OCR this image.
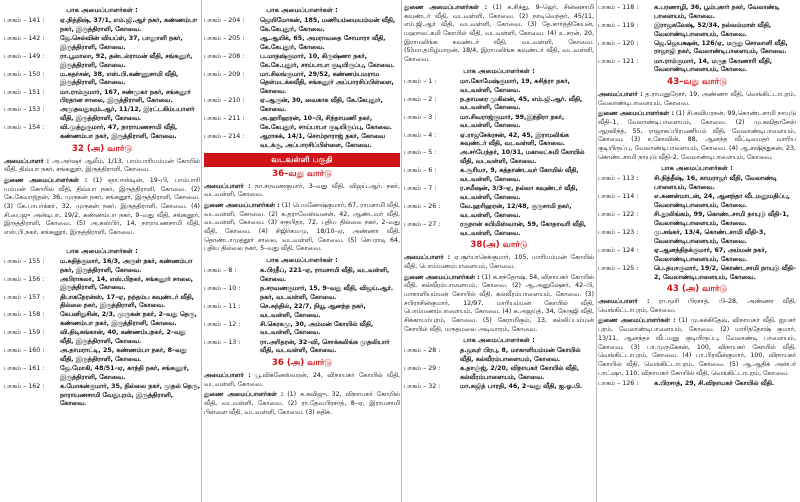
பாக அமைப்பாளர்கள் :
பாகம் – 141 :	ஏ.நித்திஷ், 37/1, எம்.ஜி.ஆர் நகர், கண்ணம்பா நகர், இருத்திராளி, கோவை.
பாகம் – 142 :	ஜே.செல்வின் வியப்ள், 37, பாலுாளி நகர், இருத்திராளி, கோவை.
பாகம் – 149 :	ரா.பூமாலா, 92, தன்டல்ராமன் வீதி, சங்கனூர், இருத்திராளி, கோவை.
பாகம் – 150 :	ம.சுதர்சன், 38, எஸ்.பி.கண்ணுசாமி வீதி, இருத்திராளி, கோவை.
பாகம் – 151 :	மா.ராம்குமார், 167, சண்முகா நகர், சங்கனூர் பிரதான சாலை, இருத்திராளி, கோவை.
பாகம் – 153 :	அமுதவதுவும்.ஆர், 11/12, இரட்டகிம்பபாளர் வீதி, இருத்திராளி, கோவை.
பாகம் – 154 :	வி.முத்துகுமார், 47, நாராயணசாமி வீதி, கண்ணம்பா நகர், இருத்திராளி, கோவை.
32 (அ) வார்டு
அமைப்பாளர் : அ.அர்ஷர் ஆலீம், 1/13, பாம்பாரியம்மன் கோயில் வீதி, திவ்யா நகர், சங்கனூர், இருத்திராளி, கோவை.
துணை அமைப்பாளர்கள் : (1) ஞா.ஈஸ்டின், 19–பி, பாம்பாரி யம்மன் கோயில் வீதி, திவ்யா நகர், இருத்திராளி, கோவை. (2) கே.கேவாஜ்தன், 36, முருகன் நகர், சங்கனூர், இருத்திராளி, கோவை. (3) கே.பாபர்க்கா், 32, முருகன் நகர், இருத்திராளி, கோவை. (4) சி.பைஜு அன்டிபா, 19/2, கண்ணம்பா நகர், 9–வது வீதி, சங்கனூர், இருத்திராளி, கோவை. (5) அ.சுஸ்பிர், 14, நாராயணசாமி வீதி, எஸ்.பி.நகர், சங்கனூர், இருத்திராளி, கோவை.
பாக அமைப்பாளர்கள் :
பாகம் – 155 :	ம.சுதித்குமார், 16/3, அருள் நகர், கண்ணம்பா நகர், இருத்திராளி, கோவை.
பாகம் – 156 :	அபிராகலா, 14, எஸ்.பிநகர், சங்கனூர் சாலை, இருத்திராளி, கோவை.
பாகம் – 157 :	திபாகநேரன்ஸ், 17–ஏ, நந்தம்ப கவுண்டர் வீதி, தில்லை நகர், இருத்திராளி, கோவை.
பாகம் – 158 :	கேபனிதுசின், 2/3, முருகன் நகர், 2–வது தெரு, கண்ணம்பா நகர், இருத்திராளி, கோவை.
பாகம் – 159 :	வி.திடிசுங்கான், 40, கண்ணம்பநகர், 2–வது வீதி, இருத்திராளி, கோவை.
பாகம் – 160 :	அ.தாமராட்டி, 25, கண்ணம்பா நகர், 8–வது வீதி, இருத்திராளி, கோவை.
பாகம் – 161 :	ஜே.மோகி, 48/51–ஏ, காந்தி நகர், சங்கனூர், இருத்திராளி, கோவை.
பாகம் – 162 :	க.மோகன்குமார், 35, தில்லை நகர், முதல் தெரு, நாராயணசாமி வேதுபுரம், இருத்திராளி, கோவை.
பாக அமைப்பாளர்கள் :
பாகம் – 204 :	ஜெயிமோகன், 185, மணியம்மையம்மன் வீதி, கே.கேபுதூர், கோவை.
பாகம் – 205 :	ஆ.ஆயிக், 65, அமராவதை சோமாரா வீதி, கே.கேபுதூர், கோவை.
பாகம் – 208 :	ப.மாதஷ்குமார், 10, கிருஷ்ணா நகர், கே.கே.புதூர், சாய்பாபா குடியிருப்பு, கோவை.
பாகம் – 209 :	மா.சிலங்குமார், 29/52, கண்ணம்பமராம தெள்மடக்கவீதி, சங்கனூர் அப்பாரசிப்பிள்ளை, கோவை.
பாகம் – 210 :	ஏ.ஆருன், 30, வைகாக வீதி, கே.கேபுதூர், கோவை.
பாகம் – 211 :	அ.ஹரிஹரன், 10–பி, சிந்தாமணி நகர், கே.கேபுதூர், சாய்பாபா குடியிருப்பு, கோவை.
பாகம் – 214 :	ஆராசுக், 14/1, சொம்நாராஜ் நகர், கோவை வடக்கு, அப்பாரசிப்பிள்ளை, கோவை.
வடவள்ளி பகுதி
36–வது வார்டு
அமைப்பாளர் : நா.சரவணகுமார், 3–வது வீதி, விஜய்.ஆர். நகர், வடவள்ளி, கோவை.
துணை அமைப்பாளர்கள் : (1) பெமணேஷ்குமார், 67, ராமசாமி வீதி, வடவள்ளி, கோவை. (2) க.தராவேஸ்வனன், 42, ஆண்டவர் வீதி, வடவள்ளி, கோவை. (3) சரூபிதா, 72, புதிய தில்லை நகர், 2–வது வீதி, கோவை. (4) சிஜிர்கமமு, 18/10–ஏ, அண்ணா வீதி, தொண்டாமுத்தூர் சாலை, வடவள்ளி, கோவை. (5) செபராடி 64, புதிய தில்லை நகர், 5–வது வீதி, கோவை.
பாக அமைப்பாளர்கள் :
பாகம் – 8 :	க.பிரதீப், 221–ஏ, ராமசாமி வீதி, வடவள்ளி, கோவை.
பாகம் – 10 :	ந.சரவணகுமார், 15, 9–வது வீதி, விஜய்.ஆர். நகர், வடவள்ளி, கோவை.
பாகம் – 11 :	செ.சுந்தில், 22/7, நியூ ஆனந்த நகர், வடவள்ளி, கோவை.
பாகம் – 12 :	சி.கெரகமு, 30, அம்மன் கோயில் வீதி, வடவள்ளி, கோவை.
பாகம் – 13 :	ரா.அரிதரன், 32–வி, சொக்கலிங்க முதலியார் வீதி, வடவள்ளி, கோவை.
36 (அ) வார்டு
அமைப்பாளர் : பூ.விக்னேஸ்வரன், 24, விநாயகர் கோயில் வீதி, வடவள்ளி, கோவை.
துணை அமைப்பாளர்கள் : (1) க.சுவிஜு, 32, விநாயகர் கோயில் வீதி, வடவள்ளி, கோவை. (2) ரா.தேவபிரசாத், 8–ஏ, இராமசாமி பிள்ளை வீதி, வடவள்ளி, கோவை. (3) சுதிக்.
துணை அமைப்பாளர்கள் : (1) க.சிந்து, 9–ஜெர், சின்னசாமி கவுண்டர் வீதி, வடவள்ளி, கோவை. (2) நாடிவெந்தர், 45/11, எம்.ஜி.ஆர் வீதி, வடவள்ளி, கோவை. (3) தே.சார்த்திகேயன், மஹாலட்சுமி கோயில் வீதி, வடவள்ளி, கோவை. (4) உ.சரன், 20, இராமலிங்க சுவுண்டர் வீதி, வடவள்ளி, கோவை. (5)மா.தமிழ்மாறன், 18/4, இராமலிங்க சுவுண்டர் வீதி, வடவள்ளி, கோவை.
பாக அமைப்பாளர்கள் :
பாகம் – 1 :	மா.கோமேஷ்குமார், 19, சுசித்ரா நகர், வடவள்ளி, கோவை.
பாகம் – 2 :	ந.தாமரை முகிலன், 45, எம்.ஜி.ஆர். வீதி, வடவள்ளி, கோவை.
பாகம் – 3 :	மா.சிவராஜ்குமார், 99,இந்திரா நகர், வடவள்ளி, கோவை.
பாகம் – 4 :	ஏ.ராஜசேக்ரசன், 42, 45, இராமலிங்க சுவுண்டர் வீதி, வடவள்ளி, கோவை.
பாகம் – 5 :	அ.சர்பேந்தர், 10/31, மகாலட்சுமி கோயில் வீதி, வடவள்ளி, கோவை.
பாகம் – 6 :	க.சூரியா, 9, சுத்தாண்டவர் கோயில் வீதி, வடவள்ளி, கோவை.
பாகம் – 7 :	ர.சமீஷன், 3/3–ஏ, நல்லா கவுண்டர் வீதி, வடவள்ளி, கோவை.
பாகம் – 26 :	வே.ஹரிஹரன், 12/48, குருசாமி நகர், வடவள்ளி, கோவை.
பாகம் – 27 :	ரகுநான் சுபிமிஸ்வான், 59, கோதாவரி வீதி, வடவள்ளி, கோவை.
38(அ) வார்டு
அமைப்பாளர் : ஏ.சூர்யாசெக்குமார், 105, மாரியம்மன் கோயில் வீதி, பொம்மணம்பாளையம், கோவை.
துணை அமைப்பாளர்கள் : (1) க.சந்தோஷ், 54, விநாயகர் கோயில் வீதி, கல்வீரம்பாளையம், கோவை. (2) ஆ.அனுஷேகர், 42–பி, மாகாளியம்மன் கோயில் வீதி, கல்வீரம்பாளையம், கோவை. (3) சபிராசின்குமார், 12/97, மாரியம்மன் கோயில் வீதி, பொம்மணம்பாளையம், கோவை. (4) க.அஜய்த், 34, நேருஜி வீதி, சிக்காயம்புரம், கோவை. (5) கேராமிகும், 13, கல்லிப்பம்மன் கோயில் வீதி, மருதமலை அடிவாரம், கோவை.
பாக அமைப்பாளர்கள் :
பாகம் – 28 :	த.ஜவுர் பிரபு, 8, மாகாளியம்மன் கோயில் வீதி, கல்வீரம்பாளையம், கோவை.
பாகம் – 29 :	க.தாஞ்ஜ், 2/20, விநாயகர் கோயில் வீதி, கல்வீரம்பாளையம், கோவை.
பாகம் – 32 :	மா.சுஜித் பாரதி, 46, 2–வது வீதி, ஐ.ஓ.பி.
பாகம் – 118 :	க.பரணாழி, 36, பூம்புகார் நகர், வேலாண்டி பாளையம், கோவை.
பாகம் – 119 :	இராஜசுலேஷ், 52/34, நல்லம்மாள் வீதி, வேலாண்டிபாளையம், கோவை.
பாகம் – 120 :	ஜெ.ஜெயக்ஷன், 126/ஏ, மருது சொலாளி வீதி, ராஜாஜி நகர், வேலாண்டிபாளையம், கோவை.
பாகம் – 121 :	மா.ராம்குமார், 14, மருத கோணாரி வீதி, வேலாண்டிபாளையம், கோவை.
43–வது வார்டு
அமைப்பாளர் : த.ராமனுரேசர், 19, அண்ணா வீதி, வெங்கிட்டாபுரம், வேலாண்டிபாளையம், கோவை.
துணை அமைப்பாளர்கள் : (1) சி.கவியரசன், 99,கொண்டசாமி நாயுடு வீதி–1, வேலாண்டிபாளையம், கோவை. (2) மு.கவிதாசேஸ் ஆரவிந்த், 55, ராஜாசுப்பிரமணியம் வீதி, வேலாண்டிபாளையம், கோவை. (3) ச.கோவின், 88, ஆனந்த வீட்டிமைதர் வாரிய குடியிருப்பு, வேலாண்டிபாளையம், கோவை. (4) ஆ.சஷித்துகன், 23, கொண்டசாமி நாயுடு வீதி–2, வேலாண்டிபாளையம், கோவை.
பாக அமைப்பாளர்கள் :
பாகம் – 113 :	சி.நித்தீஷ், 16, காமராஜர் வீதி, வேலாண்டி பாளையம், கோவை.
பாகம் – 114 :	எ.சுணன்மாடன், 24, ஆனந்தா வீடமனுமதிப்பு, வேலாண்டிபாளையம், கோவை.
பாகம் – 122 :	சி.தூலிங்கம், 99, கொண்டசாமி நாயுடு வீதி–1, வேலாண்டிபாளையம், கோவை.
பாகம் – 123 :	மு.சங்கர், 13/4, கொண்டசாமி வீதி–3, வேலாண்டிபாளையம், கோவை.
பாகம் – 124 :	ஏ.ஆனந்திதக்குமார், 67, அம்மன் நகர், வேலாண்டிபாளையம், கோவை.
பாகம் – 125 :	பெ.தயாகுமார், 19/2, கொண்டசாமி நாயுடு வீதி–2, வேலாண்டிபாளையம், கோவை.
43 (அ) வார்டு
அமைப்பாளர் : ரா.மூரி பிரசாத், பி–28, அண்ணா வீதி, வெங்கிட்டாபுரம், கோவை.
துணை அமைப்பாளர்கள் : (1) மு.சுக்கிதேவ், விநாயகர் வீதி, ஐயசர் புரம், வேலாண்டிபாளையம், கோவை. (2) மாரித்தோஷ் குமார், 13/11, ஆனந்தா வீடமனு குடியிருப்பு, வேலாண்டி பாளையம், கோவை. (3) பா.முருகேசன், 100, விநாயகர் கோயில் வீதி, வெங்கிட்டாபுரம், கோவை. (4) பா.பிரவீன்குமார், 100, விநாயகர் கோயில் வீதி, வெங்கிட்டாபுரம், கோவை. (5) ஆ.ஆதிக் அன்பர் பாட்ஷா, 110, விநாயகர் கோயில் வீதி, வெங்கிட்டாபுரம், கோவை.
பாகம் – 126 :	க.பிரசாத், 29, சி.விநாயகர் கோயில் வீதி.
